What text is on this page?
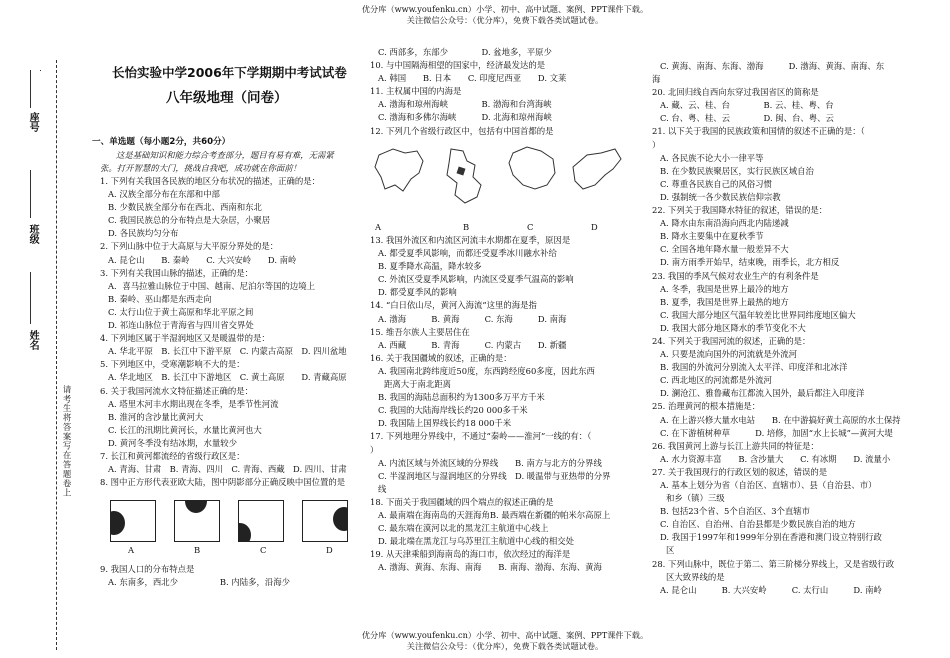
座号
班级
姓名
请考生将答案写在答题卷上
优分库（www.youfenku.cn）小学、初中、高中试题、案例、PPT课件下载。
关注微信公众号：（优分库），免费下载各类试题试卷。
长怡实验中学2006年下学期期中考试试卷
八年级地理（问卷）

一、单选题（每小题2分，共60分）

这是基础知识和能力综合考查部分，题目有易有难，无需紧

张。打开智慧的大门，挑战自我吧，成功就在你面前！

1. 下列有关我国各民族的地区分布状况的描述，正确的是：

A. 汉族全部分布在东部和中部

B. 少数民族全部分布在西北、西南和东北

C. 我国民族总的分布特点是大杂居，小聚居

D. 各民族均匀分布

2. 下列山脉中位于大高原与大平原分界处的是：

A. 昆仑山　　B. 秦岭　　C. 大兴安岭　　D. 南岭

3. 下列有关我国山脉的描述，正确的是：

A．喜马拉雅山脉位于中国、越南、尼泊尔等国的边境上

B. 秦岭、巫山都是东西走向

C. 太行山位于黄土高原和华北平原之间

D. 祁连山脉位于青海省与四川省交界处

4. 下列地区属于半湿润地区又是暖温带的是：

A. 华北平原　B. 长江中下游平原　C. 内蒙古高原　D. 四川盆地

5. 下列地区中，受寒潮影响不大的是：

A. 华北地区　B. 长江中下游地区　C. 黄土高原　　D. 青藏高原

6. 关于我国河流水文特征描述正确的是：

A. 塔里木河丰水期出现在冬季，是季节性河流

B. 淮河的含沙量比黄河大

C. 长江的汛期比黄河长，水量比黄河也大

D. 黄河冬季没有结冰期，水量较少

7. 长江和黄河都流经的省级行政区是：

A. 青海、甘肃　B. 青海、四川　C. 青海、西藏　D. 四川、甘肃

8. 图中正方形代表亚欧大陆，图中阴影部分正确反映中国位置的是

A	B	C	D

9. 我国人口的分布特点是

A. 东南多，西北少　　　　　B. 内陆多，沿海少

C. 西部多，东部少　　　　D. 盆地多，平原少

10. 与中国隔海相望的国家中，经济最发达的是

A. 韩国　　B. 日本　　C. 印度尼西亚　　D. 文莱

11. 主权属中国的内海是

A. 渤海和琼州海峡　　　　B. 渤海和台湾海峡

C. 渤海和多佛尔海峡　　　D. 北海和琼州海峡

12. 下列几个省级行政区中，包括有中国首都的是

A	B	C	D

13. 我国外流区和内流区河流丰水期都在夏季，原因是

A. 都受夏季风影响，而都还受夏季冰川融水补给

B. 夏季降水高温，降水较多

C. 外流区受夏季风影响，内流区受夏季气温高的影响

D. 都受夏季风的影响

14. “白日依山尽，黄河入海流”这里的海是指

A. 渤海　　　B. 黄海　　　C. 东海　　　D. 南海

15. 维吾尔族人主要居住在

A. 西藏　　　B. 青海　　　C. 内蒙古　　D. 新疆

16. 关于我国疆域的叙述，正确的是：

A. 我国南北跨纬度近50度，东西跨经度60多度，因此东西

距离大于南北距离

B. 我国的海陆总面积约为1300多万平方千米

C. 我国的大陆海岸线长约20 000多千米

D. 我国陆上国界线长约18 000千米

17. 下列地理分界线中，不通过“秦岭——淮河”一线的有：（

）

A. 内流区域与外流区域的分界线　　B. 南方与北方的分界线

C. 半湿润地区与湿润地区的分界线　D. 暖温带与亚热带的分界

线

18. 下面关于我国疆域的四个端点的叙述正确的是

A. 最南端在海南岛的天涯海角B. 最西端在新疆的帕米尔高原上

C. 最东端在漠河以北的黑龙江主航道中心线上

D. 最北端在黑龙江与乌苏里江主航道中心线的相交处

19. 从天津乘船到海南岛的海口市，依次经过的海洋是

A. 渤海、黄海、东海、南海　　B. 南海、渤海、东海、黄海

C. 黄海、南海、东海、渤海　　　D. 渤海、黄海、南海、东

海

20. 北回归线自西向东穿过我国省区的简称是

A. 藏、云、桂、台　　　　B. 云、桂、粤、台

C. 台、粤、桂、云　　　　D. 闽、台、粤、云

21. 以下关于我国的民族政策和国情的叙述不正确的是：（

）

A. 各民族不论大小一律平等

B. 在少数民族聚居区，实行民族区域自治

C. 尊重各民族自己的风俗习惯

D. 强制统一各少数民族信仰宗教

22. 下列关于我国降水特征的叙述，错误的是：

A. 降水由东南沿海向西北内陆递减

B. 降水主要集中在夏秋季节

C. 全国各地年降水量一般差异不大

D. 南方雨季开始早，结束晚，雨季长，北方相反

23. 我国的季风气候对农业生产的有利条件是

A. 冬季，我国是世界上最冷的地方

B. 夏季，我国是世界上最热的地方

C. 我国大部分地区气温年较差比世界同纬度地区偏大

D. 我国大部分地区降水的季节变化不大

24. 下列关于我国河流的叙述，正确的是：

A. 只要是流向国外的河流就是外流河

B. 我国的外流河分别流入太平洋、印度洋和北冰洋

C. 西北地区的河流都是外流河

D. 澜沧江、雅鲁藏布江都流入国外，最后都注入印度洋

25. 治理黄河的根本措施是：

A. 在上游兴修大量水电站　　B. 在中游搞好黄土高原的水土保持

C. 在下游植树种草　　　D. 培修，加固“水上长城”—黄河大堤

26. 我国黄河上游与长江上游共同的特征是：

A. 水力资源丰富　　B. 含沙量大　　C. 有冰期　　D. 流量小

27. 关于我国现行的行政区划的叙述，错误的是

A. 基本上划分为省（自治区、直辖市）、县（自治县、市）

和乡（镇）三级

B. 包括23个省、5个自治区、3个直辖市

C. 自治区、自治州、自治县都是少数民族自治的地方

D. 我国于1997年和1999年分别在香港和澳门设立特别行政

区

28. 下列山脉中，既位于第二、第三阶梯分界线上，又是省级行政

区大致界线的是

A. 昆仑山　　　B. 大兴安岭　　　C. 太行山　　　D. 南岭

优分库（www.youfenku.cn）小学、初中、高中试题、案例、PPT课件下载。
关注微信公众号：（优分库），免费下载各类试题试卷。
